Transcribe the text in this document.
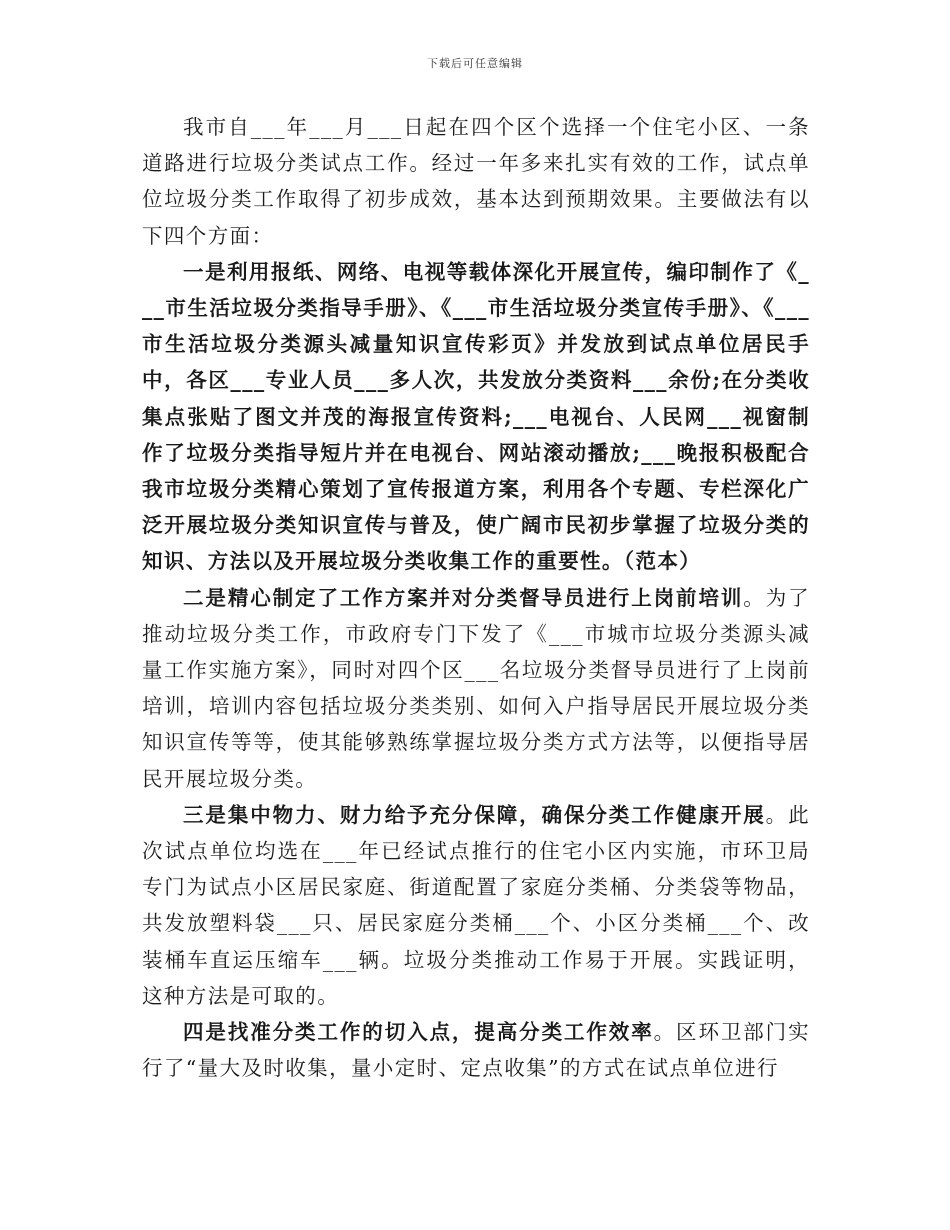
下载后可任意编辑

我市自___年___月___日起在四个区个选择一个住宅小区、一条道路进行垃圾分类试点工作。经过一年多来扎实有效的工作，试点单位垃圾分类工作取得了初步成效，基本达到预期效果。主要做法有以下四个方面：

一是利用报纸、网络、电视等载体深化开展宣传，编印制作了《___市生活垃圾分类指导手册》、《___市生活垃圾分类宣传手册》、《___市生活垃圾分类源头减量知识宣传彩页》并发放到试点单位居民手中，各区___专业人员___多人次，共发放分类资料___余份;在分类收集点张贴了图文并茂的海报宣传资料;___电视台、人民网___视窗制作了垃圾分类指导短片并在电视台、网站滚动播放;___晚报积极配合我市垃圾分类精心策划了宣传报道方案，利用各个专题、专栏深化广泛开展垃圾分类知识宣传与普及，使广阔市民初步掌握了垃圾分类的知识、方法以及开展垃圾分类收集工作的重要性。（范本）

二是精心制定了工作方案并对分类督导员进行上岗前培训。为了推动垃圾分类工作，市政府专门下发了《___市城市垃圾分类源头减量工作实施方案》，同时对四个区___名垃圾分类督导员进行了上岗前培训，培训内容包括垃圾分类类别、如何入户指导居民开展垃圾分类知识宣传等等，使其能够熟练掌握垃圾分类方式方法等，以便指导居民开展垃圾分类。

三是集中物力、财力给予充分保障，确保分类工作健康开展。此次试点单位均选在___年已经试点推行的住宅小区内实施，市环卫局专门为试点小区居民家庭、街道配置了家庭分类桶、分类袋等物品，共发放塑料袋___只、居民家庭分类桶___个、小区分类桶___个、改装桶车直运压缩车___辆。垃圾分类推动工作易于开展。实践证明，这种方法是可取的。

四是找准分类工作的切入点，提高分类工作效率。区环卫部门实行了“量大及时收集，量小定时、定点收集”的方式在试点单位进行
